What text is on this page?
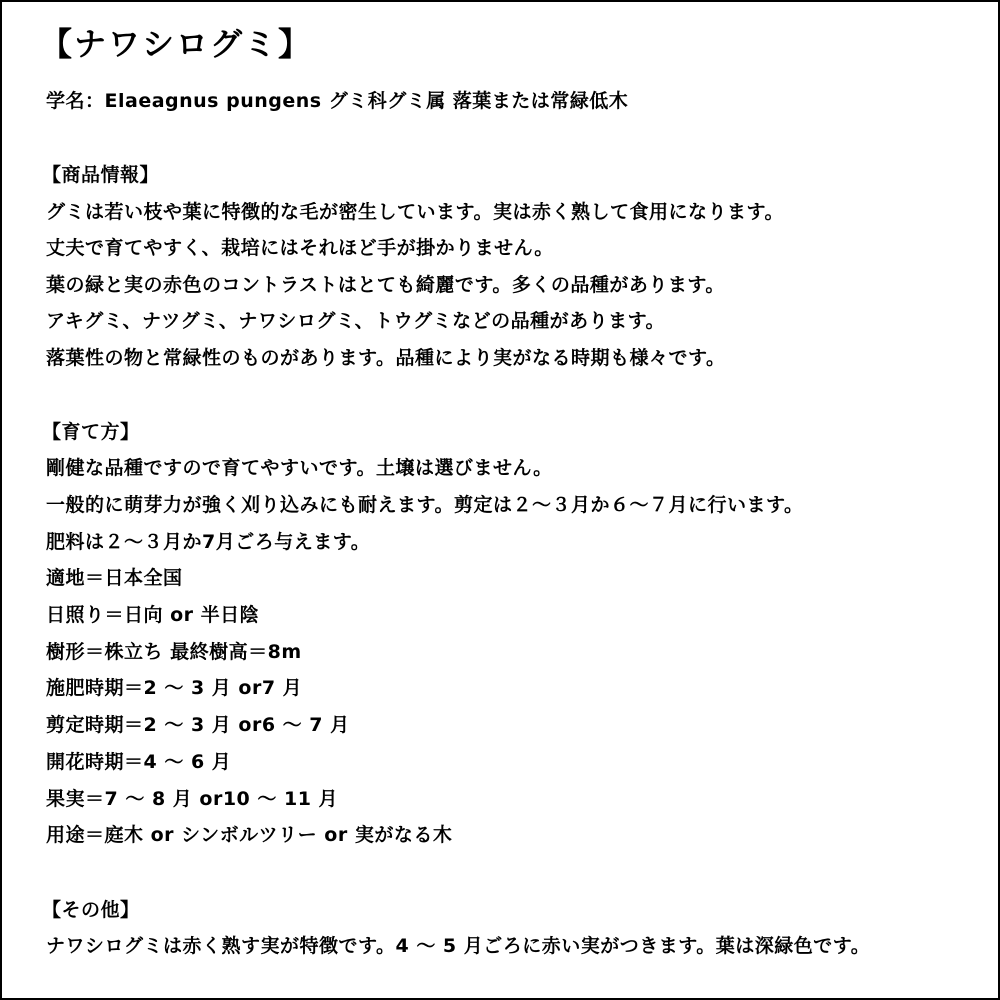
【ナワシログミ】
学名：Elaeagnus pungens グミ科グミ属 落葉または常緑低木
【商品情報】
グミは若い枝や葉に特徴的な毛が密生しています。実は赤く熟して食用になります。
丈夫で育てやすく、栽培にはそれほど手が掛かりません。
葉の緑と実の赤色のコントラストはとても綺麗です。多くの品種があります。
アキグミ、ナツグミ、ナワシログミ、トウグミなどの品種があります。
落葉性の物と常緑性のものがあります。品種により実がなる時期も様々です。
【育て方】
剛健な品種ですので育てやすいです。土壌は選びません。
一般的に萌芽力が強く刈り込みにも耐えます。剪定は２～３月か６～７月に行います。
肥料は２～３月か7月ごろ与えます。
適地＝日本全国
日照り＝日向 or 半日陰
樹形＝株立ち 最終樹高＝8m
施肥時期＝2 ～ 3 月 or7 月
剪定時期＝2 ～ 3 月 or6 ～ 7 月
開花時期＝4 ～ 6 月
果実＝7 ～ 8 月 or10 ～ 11 月
用途＝庭木 or シンボルツリー or 実がなる木
【その他】
ナワシログミは赤く熟す実が特徴です。4 ～ 5 月ごろに赤い実がつきます。葉は深緑色です。
